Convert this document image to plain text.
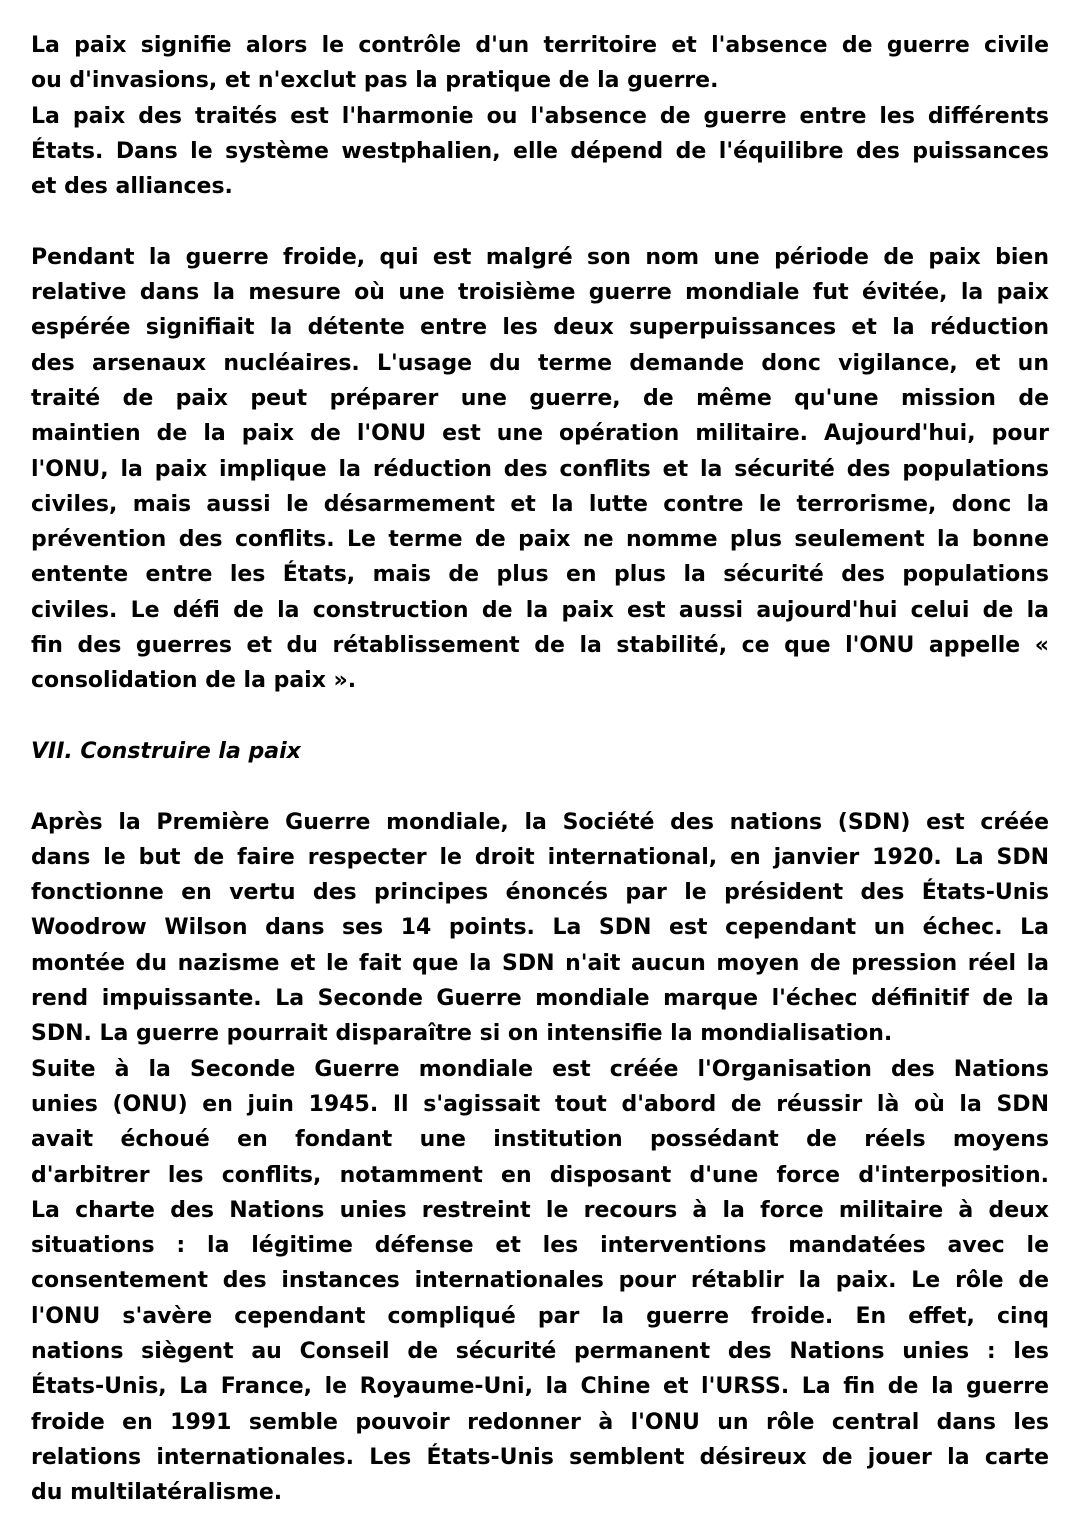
La paix signifie alors le contrôle d'un territoire et l'absence de guerre civile
ou d'invasions, et n'exclut pas la pratique de la guerre.
La paix des traités est l'harmonie ou l'absence de guerre entre les différents
États. Dans le système westphalien, elle dépend de l'équilibre des puissances
et des alliances.
Pendant la guerre froide, qui est malgré son nom une période de paix bien
relative dans la mesure où une troisième guerre mondiale fut évitée, la paix
espérée signifiait la détente entre les deux superpuissances et la réduction
des arsenaux nucléaires. L'usage du terme demande donc vigilance, et un
traité de paix peut préparer une guerre, de même qu'une mission de
maintien de la paix de l'ONU est une opération militaire. Aujourd'hui, pour
l'ONU, la paix implique la réduction des conflits et la sécurité des populations
civiles, mais aussi le désarmement et la lutte contre le terrorisme, donc la
prévention des conflits. Le terme de paix ne nomme plus seulement la bonne
entente entre les États, mais de plus en plus la sécurité des populations
civiles. Le défi de la construction de la paix est aussi aujourd'hui celui de la
fin des guerres et du rétablissement de la stabilité, ce que l'ONU appelle «
consolidation de la paix ».
VII. Construire la paix
Après la Première Guerre mondiale, la Société des nations (SDN) est créée
dans le but de faire respecter le droit international, en janvier 1920. La SDN
fonctionne en vertu des principes énoncés par le président des États-Unis
Woodrow Wilson dans ses 14 points. La SDN est cependant un échec. La
montée du nazisme et le fait que la SDN n'ait aucun moyen de pression réel la
rend impuissante. La Seconde Guerre mondiale marque l'échec définitif de la
SDN. La guerre pourrait disparaître si on intensifie la mondialisation.
Suite à la Seconde Guerre mondiale est créée l'Organisation des Nations
unies (ONU) en juin 1945. Il s'agissait tout d'abord de réussir là où la SDN
avait échoué en fondant une institution possédant de réels moyens
d'arbitrer les conflits, notamment en disposant d'une force d'interposition.
La charte des Nations unies restreint le recours à la force militaire à deux
situations : la légitime défense et les interventions mandatées avec le
consentement des instances internationales pour rétablir la paix. Le rôle de
l'ONU s'avère cependant compliqué par la guerre froide. En effet, cinq
nations siègent au Conseil de sécurité permanent des Nations unies : les
États-Unis, La France, le Royaume-Uni, la Chine et l'URSS. La fin de la guerre
froide en 1991 semble pouvoir redonner à l'ONU un rôle central dans les
relations internationales. Les États-Unis semblent désireux de jouer la carte
du multilatéralisme.
